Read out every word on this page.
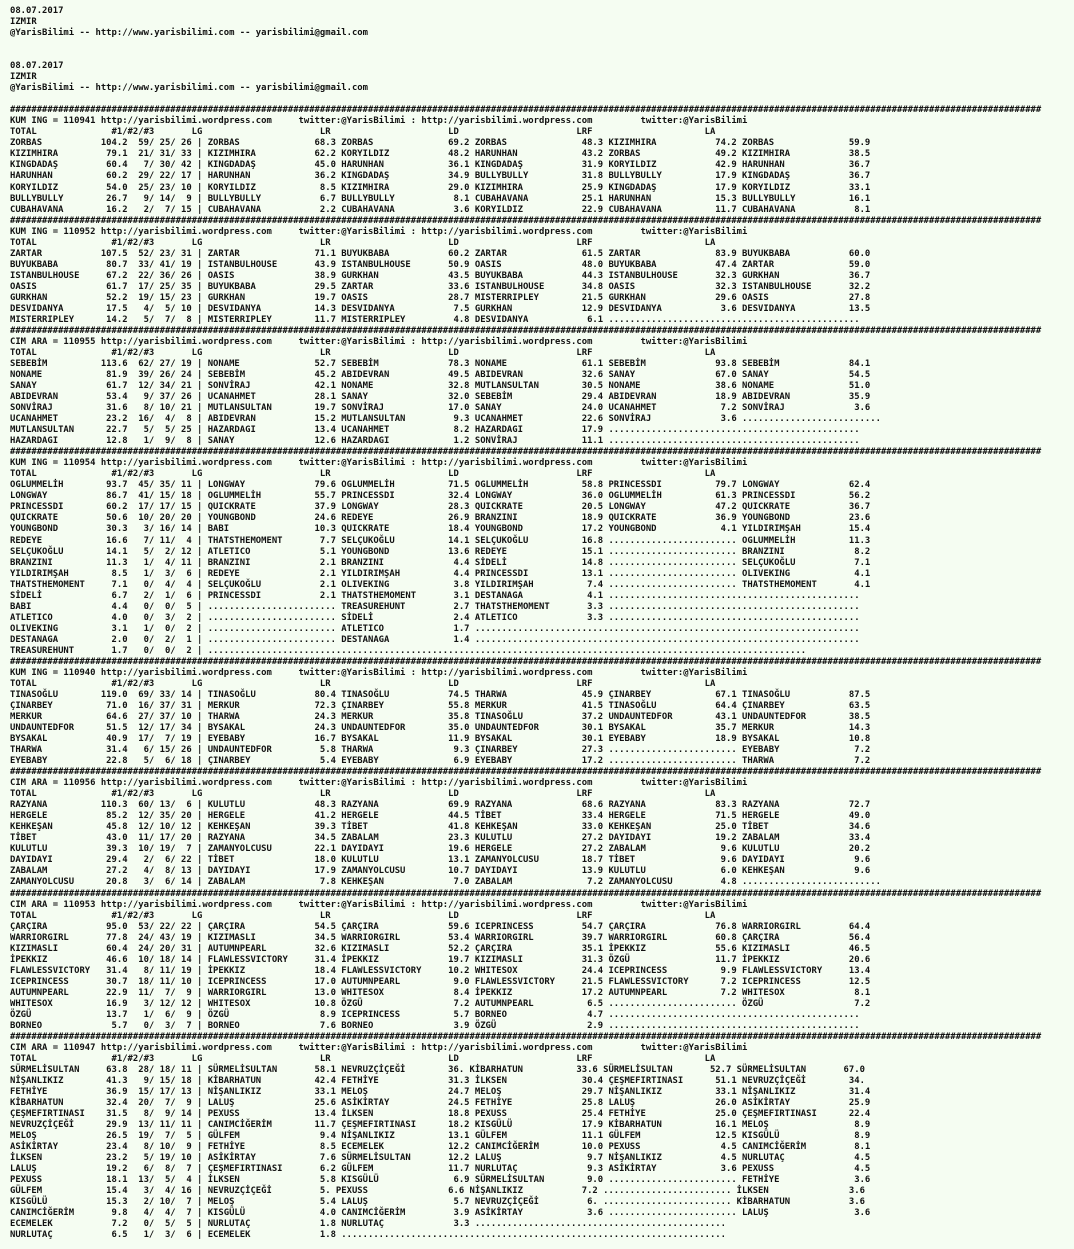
08.07.2017
IZMIR
@YarisBilimi -- http://www.yarisbilimi.com -- yarisbilimi@gmail.com

08.07.2017
IZMIR
@YarisBilimi -- http://www.yarisbilimi.com -- yarisbilimi@gmail.com

#################################################################################################################################################################################################
KUM ING = 110941 http://yarisbilimi.wordpress.com     twitter:@YarisBilimi : http://yarisbilimi.wordpress.com         twitter:@YarisBilimi
TOTAL              #1/#2/#3       LG                      LR                      LD                      LRF                     LA
ZORBAS           104.2  59/ 25/ 26 | ZORBAS              68.3 ZORBAS              69.2 ZORBAS              48.3 KIZIMHIRA           74.2 ZORBAS              59.9
KIZIMHIRA         79.1  21/ 31/ 33 | KIZIMHIRA           62.2 KORYILDIZ           48.2 HARUNHAN            43.2 ZORBAS              49.2 KIZIMHIRA           38.5
KINGDADAŞ         60.4   7/ 30/ 42 | KINGDADAŞ           45.0 HARUNHAN            36.1 KINGDADAŞ           31.9 KORYILDIZ           42.9 HARUNHAN            36.7
HARUNHAN          60.2  29/ 22/ 17 | HARUNHAN            36.2 KINGDADAŞ           34.9 BULLYBULLY          31.8 BULLYBULLY          17.9 KINGDADAŞ           36.7
KORYILDIZ         54.0  25/ 23/ 10 | KORYILDIZ            8.5 KIZIMHIRA           29.0 KIZIMHIRA           25.9 KINGDADAŞ           17.9 KORYILDIZ           33.1
BULLYBULLY        26.7   9/ 14/  9 | BULLYBULLY           6.7 BULLYBULLY           8.1 CUBAHAVANA          25.1 HARUNHAN            15.3 BULLYBULLY          16.1
CUBAHAVANA        16.2   2/  7/ 15 | CUBAHAVANA           2.2 CUBAHAVANA           3.6 KORYILDIZ           22.9 CUBAHAVANA          11.7 CUBAHAVANA           8.1
#################################################################################################################################################################################################
KUM ING = 110952 http://yarisbilimi.wordpress.com     twitter:@YarisBilimi : http://yarisbilimi.wordpress.com         twitter:@YarisBilimi
TOTAL              #1/#2/#3       LG                      LR                      LD                      LRF                     LA
ZARTAR           107.5  52/ 23/ 31 | ZARTAR              71.1 BUYUKBABA           60.2 ZARTAR              61.5 ZARTAR              83.9 BUYUKBABA           60.0
BUYUKBABA         80.7  33/ 41/ 19 | ISTANBULHOUSE       43.9 ISTANBULHOUSE       50.9 OASIS               48.0 BUYUKBABA           47.4 ZARTAR              59.0
ISTANBULHOUSE     67.2  22/ 36/ 26 | OASIS               38.9 GURKHAN             43.5 BUYUKBABA           44.3 ISTANBULHOUSE       32.3 GURKHAN             36.7
OASIS             61.7  17/ 25/ 35 | BUYUKBABA           29.5 ZARTAR              33.6 ISTANBULHOUSE       34.8 OASIS               32.3 ISTANBULHOUSE       32.2
GURKHAN           52.2  19/ 15/ 23 | GURKHAN             19.7 OASIS               28.7 MISTERRIPLEY        21.5 GURKHAN             29.6 OASIS               27.8
DESVIDANYA        17.5   4/  5/ 10 | DESVIDANYA          14.3 DESVIDANYA           7.5 GURKHAN             12.9 DESVIDANYA           3.6 DESVIDANYA          13.5
MISTERRIPLEY      14.2   5/  7/  8 | MISTERRIPLEY        11.7 MISTERRIPLEY         4.8 DESVIDANYA           6.1 ...............................................
#################################################################################################################################################################################################
CIM ARA = 110955 http://yarisbilimi.wordpress.com     twitter:@YarisBilimi : http://yarisbilimi.wordpress.com         twitter:@YarisBilimi
TOTAL              #1/#2/#3       LG                      LR                      LD                      LRF                     LA
SEBEBİM          113.6  62/ 27/ 19 | NONAME              52.7 SEBEBİM             78.3 NONAME              61.1 SEBEBİM             93.8 SEBEBİM             84.1
NONAME            81.9  39/ 26/ 24 | SEBEBİM             45.2 ABIDEVRAN           49.5 ABIDEVRAN           32.6 SANAY               67.0 SANAY               54.5
SANAY             61.7  12/ 34/ 21 | SONVİRAJ            42.1 NONAME              32.8 MUTLANSULTAN        30.5 NONAME              38.6 NONAME              51.0
ABIDEVRAN         53.4   9/ 37/ 26 | UCANAHMET           28.1 SANAY               32.0 SEBEBİM             29.4 ABIDEVRAN           18.9 ABIDEVRAN           35.9
SONVİRAJ          31.6   8/ 10/ 21 | MUTLANSULTAN        19.7 SONVİRAJ            17.0 SANAY               24.0 UCANAHMET            7.2 SONVİRAJ             3.6
UCANAHMET         23.2  16/  4/  8 | ABIDEVRAN           15.2 MUTLANSULTAN         9.3 UCANAHMET           22.6 SONVİRAJ             3.6 ..........................
MUTLANSULTAN      22.7   5/  5/ 25 | HAZARDAGI           13.4 UCANAHMET            8.2 HAZARDAGI           17.9 ...............................................
HAZARDAGI         12.8   1/  9/  8 | SANAY               12.6 HAZARDAGI            1.2 SONVİRAJ            11.1 ...............................................
#################################################################################################################################################################################################
KUM ING = 110954 http://yarisbilimi.wordpress.com     twitter:@YarisBilimi : http://yarisbilimi.wordpress.com         twitter:@YarisBilimi
TOTAL              #1/#2/#3       LG                      LR                      LD                      LRF                     LA
OGLUMMELİH        93.7  45/ 35/ 11 | LONGWAY             79.6 OGLUMMELİH          71.5 OGLUMMELİH          58.8 PRINCESSDI          79.7 LONGWAY             62.4
LONGWAY           86.7  41/ 15/ 18 | OGLUMMELİH          55.7 PRINCESSDI          32.4 LONGWAY             36.0 OGLUMMELİH          61.3 PRINCESSDI          56.2
PRINCESSDI        60.2  17/ 17/ 15 | QUICKRATE           37.9 LONGWAY             28.3 QUICKRATE           20.5 LONGWAY             47.2 QUICKRATE           36.7
QUICKRATE         50.6  10/ 20/ 20 | YOUNGBOND           24.6 REDEYE              26.9 BRANZINI            18.9 QUICKRATE           36.9 YOUNGBOND           23.6
YOUNGBOND         30.3   3/ 16/ 14 | BABI                10.3 QUICKRATE           18.4 YOUNGBOND           17.2 YOUNGBOND            4.1 YILDIRIMŞAH         15.4
REDEYE            16.6   7/ 11/  4 | THATSTHEMOMENT       7.7 SELÇUKOĞLU          14.1 SELÇUKOĞLU          16.8 ........................ OGLUMMELİH          11.3
SELÇUKOĞLU        14.1   5/  2/ 12 | ATLETICO             5.1 YOUNGBOND           13.6 REDEYE              15.1 ........................ BRANZINI             8.2
BRANZINI          11.3   1/  4/ 11 | BRANZINI             2.1 BRANZINI             4.4 SİDELİ              14.8 ........................ SELÇUKOĞLU           7.1
YILDIRIMŞAH        8.5   1/  3/  6 | REDEYE               2.1 YILDIRIMŞAH          4.4 PRINCESSDI          13.1 ........................ OLIVEKING            4.1
THATSTHEMOMENT     7.1   0/  4/  4 | SELÇUKOĞLU           2.1 OLIVEKING            3.8 YILDIRIMŞAH          7.4 ........................ THATSTHEMOMENT       4.1
SİDELİ             6.7   2/  1/  6 | PRINCESSDI           2.1 THATSTHEMOMENT       3.1 DESTANAGA            4.1 ...............................................
BABI               4.4   0/  0/  5 | ........................ TREASUREHUNT         2.7 THATSTHEMOMENT       3.3 ...............................................
ATLETICO           4.0   0/  3/  2 | ........................ SİDELİ               2.4 ATLETICO             3.3 ...............................................
OLIVEKING          3.1   1/  0/  2 | ........................ ATLETICO             1.7 ........................................................................
DESTANAGA          2.0   0/  2/  1 | ........................ DESTANAGA            1.4 ........................................................................
TREASUREHUNT       1.7   0/  0/  2 | ................................................................................................................
#################################################################################################################################################################################################
KUM ING = 110940 http://yarisbilimi.wordpress.com     twitter:@YarisBilimi : http://yarisbilimi.wordpress.com         twitter:@YarisBilimi
TOTAL              #1/#2/#3       LG                      LR                      LD                      LRF                     LA
TINASOĞLU        119.0  69/ 33/ 14 | TINASOĞLU           80.4 TINASOĞLU           74.5 THARWA              45.9 ÇINARBEY            67.1 TINASOĞLU           87.5
ÇINARBEY          71.0  16/ 37/ 31 | MERKUR              72.3 ÇINARBEY            55.8 MERKUR              41.5 TINASOĞLU           64.4 ÇINARBEY            63.5
MERKUR            64.6  27/ 37/ 10 | THARWA              24.3 MERKUR              35.8 TINASOĞLU           37.2 UNDAUNTEDFOR        43.1 UNDAUNTEDFOR        38.5
UNDAUNTEDFOR      51.5  12/ 17/ 34 | BYSAKAL             24.3 UNDAUNTEDFOR        35.0 UNDAUNTEDFOR        30.1 BYSAKAL             35.7 MERKUR              14.3
BYSAKAL           40.9  17/  7/ 19 | EYEBABY             16.7 BYSAKAL             11.9 BYSAKAL             30.1 EYEBABY             18.9 BYSAKAL             10.8
THARWA            31.4   6/ 15/ 26 | UNDAUNTEDFOR         5.8 THARWA               9.3 ÇINARBEY            27.3 ........................ EYEBABY              7.2
EYEBABY           22.8   5/  6/ 18 | ÇINARBEY             5.4 EYEBABY              6.9 EYEBABY             17.2 ........................ THARWA               7.2
#################################################################################################################################################################################################
CIM ARA = 110956 http://yarisbilimi.wordpress.com     twitter:@YarisBilimi : http://yarisbilimi.wordpress.com         twitter:@YarisBilimi
TOTAL              #1/#2/#3       LG                      LR                      LD                      LRF                     LA
RAZYANA          110.3  60/ 13/  6 | KULUTLU             48.3 RAZYANA             69.9 RAZYANA             68.6 RAZYANA             83.3 RAZYANA             72.7
HERGELE           85.2  12/ 35/ 20 | HERGELE             41.2 HERGELE             44.5 TİBET               33.4 HERGELE             71.5 HERGELE             49.0
KEHKEŞAN          45.8  12/ 10/ 12 | KEHKEŞAN            39.3 TİBET               41.8 KEHKEŞAN            33.0 KEHKEŞAN            25.0 TİBET               34.6
TİBET             43.0  11/ 17/ 20 | RAZYANA             34.5 ZABALAM             23.3 KULUTLU             27.2 DAYIDAYI            19.2 ZABALAM             33.4
KULUTLU           39.3  10/ 19/  7 | ZAMANYOLCUSU        22.1 DAYIDAYI            19.6 HERGELE             27.2 ZABALAM              9.6 KULUTLU             20.2
DAYIDAYI          29.4   2/  6/ 22 | TİBET               18.0 KULUTLU             13.1 ZAMANYOLCUSU        18.7 TİBET                9.6 DAYIDAYI             9.6
ZABALAM           27.2   4/  8/ 13 | DAYIDAYI            17.9 ZAMANYOLCUSU        10.7 DAYIDAYI            13.9 KULUTLU              6.0 KEHKEŞAN             9.6
ZAMANYOLCUSU      20.8   3/  6/ 14 | ZABALAM              7.8 KEHKEŞAN             7.0 ZABALAM              7.2 ZAMANYOLCUSU         4.8 ..........................
#################################################################################################################################################################################################
CIM ARA = 110953 http://yarisbilimi.wordpress.com     twitter:@YarisBilimi : http://yarisbilimi.wordpress.com         twitter:@YarisBilimi
TOTAL              #1/#2/#3       LG                      LR                      LD                      LRF                     LA
ÇARÇIRA           95.0  53/ 22/ 22 | ÇARÇIRA             54.5 ÇARÇIRA             59.6 ICEPRINCESS         54.7 ÇARÇIRA             76.8 WARRIORGIRL         64.4
WARRIORGIRL       77.8  24/ 43/ 19 | KIZIMASLI           34.5 WARRIORGIRL         53.4 WARRIORGIRL         39.7 WARRIORGIRL         60.8 ÇARÇIRA             56.4
KIZIMASLI         60.4  24/ 20/ 31 | AUTUMNPEARL         32.6 KIZIMASLI           52.2 ÇARÇIRA             35.1 İPEKKIZ             55.6 KIZIMASLI           46.5
İPEKKIZ           46.6  10/ 18/ 14 | FLAWLESSVICTORY     31.4 İPEKKIZ             19.7 KIZIMASLI           31.3 ÖZGÜ                11.7 İPEKKIZ             20.6
FLAWLESSVICTORY   31.4   8/ 11/ 19 | İPEKKIZ             18.4 FLAWLESSVICTORY     10.2 WHITESOX            24.4 ICEPRINCESS          9.9 FLAWLESSVICTORY     13.4
ICEPRINCESS       30.7  18/ 11/ 10 | ICEPRINCESS         17.0 AUTUMNPEARL          9.0 FLAWLESSVICTORY     21.5 FLAWLESSVICTORY      7.2 ICEPRINCESS         12.5
AUTUMNPEARL       22.9  11/  7/  9 | WARRIORGIRL         13.0 WHITESOX             8.4 İPEKKIZ             17.2 AUTUMNPEARL          7.2 WHITESOX             8.1
WHITESOX          16.9   3/ 12/ 12 | WHITESOX            10.8 ÖZGÜ                 7.2 AUTUMNPEARL          6.5 ........................ ÖZGÜ                 7.2
ÖZGÜ              13.7   1/  6/  9 | ÖZGÜ                 8.9 ICEPRINCESS          5.7 BORNEO               4.7 ...............................................
BORNEO             5.7   0/  3/  7 | BORNEO               7.6 BORNEO               3.9 ÖZGÜ                 2.9 ...............................................
#################################################################################################################################################################################################
CIM ARA = 110947 http://yarisbilimi.wordpress.com     twitter:@YarisBilimi : http://yarisbilimi.wordpress.com         twitter:@YarisBilimi
TOTAL              #1/#2/#3       LG                      LR                      LD                      LRF                     LA
SÜRMELİSULTAN     63.8  28/ 18/ 11 | SÜRMELİSULTAN       58.1 NEVRUZÇİÇEĞİ        36. KİBARHATUN          33.6 SÜRMELİSULTAN       52.7 SÜRMELİSULTAN       67.0
NİŞANLIKIZ        41.3   9/ 15/ 18 | KİBARHATUN          42.4 FETHİYE             31.3 İLKSEN              30.4 ÇEŞMEFIRTINASI      51.1 NEVRUZÇİÇEĞİ        34.
FETHİYE           36.9  15/ 17/ 13 | NİŞANLIKIZ          33.1 MELOŞ               24.7 MELOŞ               29.7 NİŞANLIKIZ          33.1 NİŞANLIKIZ          31.4
KİBARHATUN        32.4  20/  7/  9 | LALUŞ               25.6 ASİKİRTAY           24.5 FETHİYE             25.8 LALUŞ               26.0 ASİKİRTAY           25.9
ÇEŞMEFIRTINASI    31.5   8/  9/ 14 | PEXUSS              13.4 İLKSEN              18.8 PEXUSS              25.4 FETHİYE             25.0 ÇEŞMEFIRTINASI      22.4
NEVRUZÇİÇEĞİ      29.9  13/ 11/ 11 | CANIMCİĞERİM        11.7 ÇEŞMEFIRTINASI      18.2 KISGÜLÜ             17.9 KİBARHATUN          16.1 MELOŞ                8.9
MELOŞ             26.5  19/  7/  5 | GÜLFEM               9.4 NİŞANLIKIZ          13.1 GÜLFEM              11.1 GÜLFEM              12.5 KISGÜLÜ              8.9
ASİKİRTAY         23.4   8/ 10/  9 | FETHİYE              8.5 ECEMELEK            12.2 CANIMCİĞERİM        10.0 PEXUSS               4.5 CANIMCİĞERİM         8.1
İLKSEN            23.2   5/ 19/ 10 | ASİKİRTAY            7.6 SÜRMELİSULTAN       12.2 LALUŞ                9.7 NİŞANLIKIZ           4.5 NURLUTAÇ             4.5
LALUŞ             19.2   6/  8/  7 | ÇEŞMEFIRTINASI       6.2 GÜLFEM              11.7 NURLUTAÇ             9.3 ASİKİRTAY            3.6 PEXUSS               4.5
PEXUSS            18.1  13/  5/  4 | İLKSEN               5.8 KISGÜLÜ              6.9 SÜRMELİSULTAN        9.0 ........................ FETHİYE              3.6
GÜLFEM            15.4   3/  4/ 16 | NEVRUZÇİÇEĞİ         5. PEXUSS               6.6 NİŞANLIKIZ           7.2 ........................ İLKSEN               3.6
KISGÜLÜ           15.3   2/ 10/  7 | MELOŞ                5.4 LALUŞ                5.7 NEVRUZÇİÇEĞİ         6. ........................ KİBARHATUN           3.6
CANIMCİĞERİM       9.8   4/  4/  7 | KISGÜLÜ              4.0 CANIMCİĞERİM         3.9 ASİKİRTAY            3.6 ........................ LALUŞ                3.6
ECEMELEK           7.2   0/  5/  5 | NURLUTAÇ             1.8 NURLUTAÇ             3.3 ...............................................
NURLUTAÇ           6.5   1/  3/  6 | ECEMELEK             1.8 ........................................................................
